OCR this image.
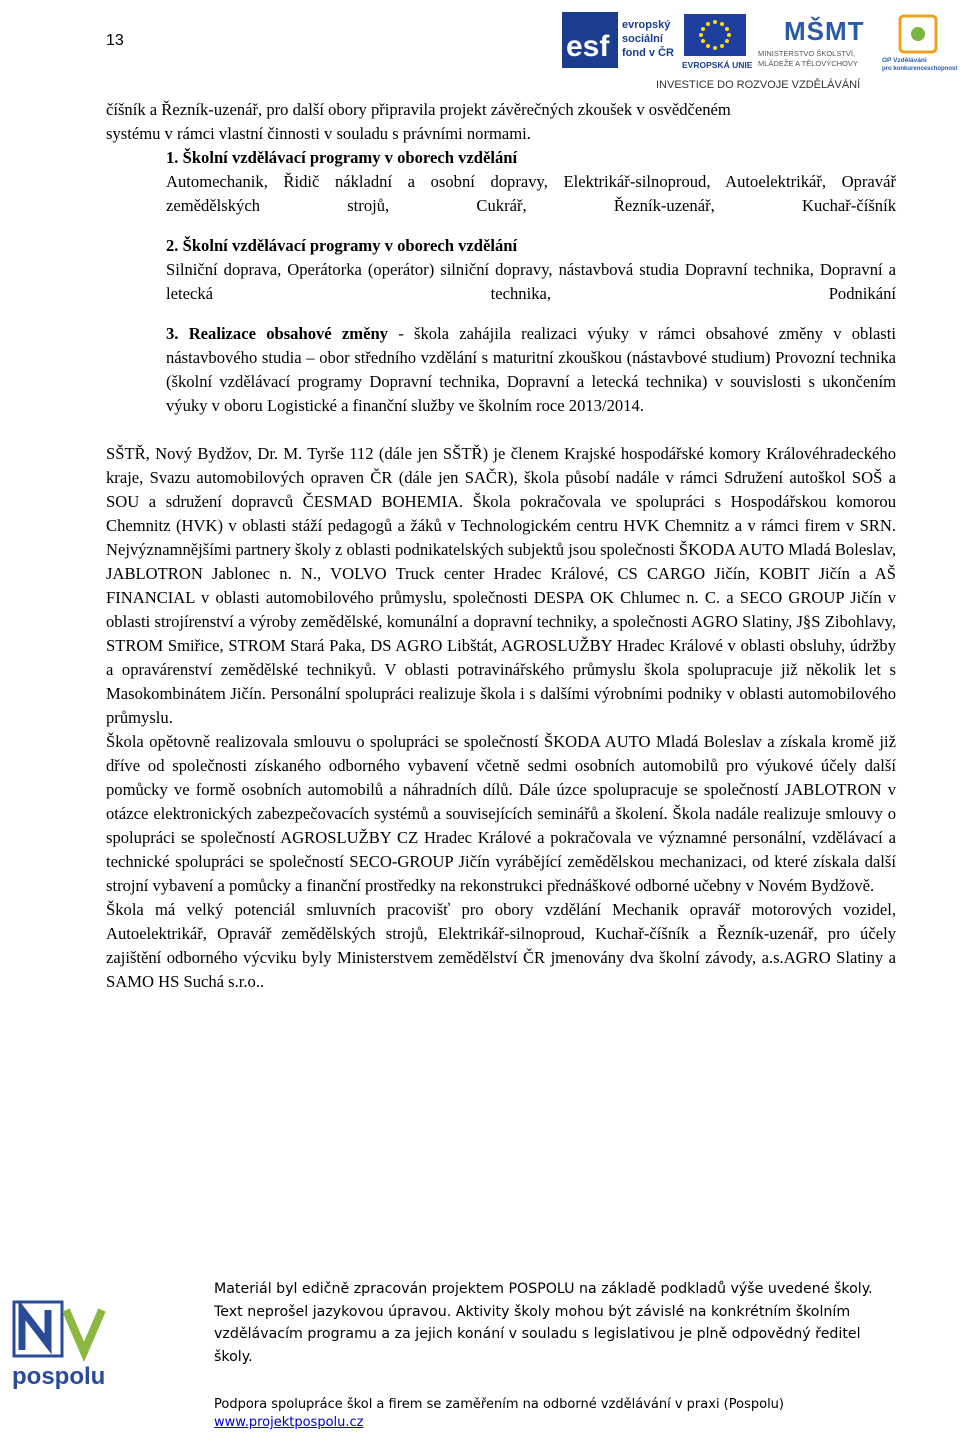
13	esf
evropský
sociální
fond v ČR
EVROPSKÁ UNIE
MŠMT
MINISTERSTVO ŠKOLSTVÍ,
MLÁDEŽE A TĚLOVÝCHOVY	OP Vzdělávání
pro konkurenceschopnost
INVESTICE DO ROZVOJE VZDĚLÁVÁNÍ

číšník a Řezník-uzenář, pro další obory připravila projekt závěrečných zkoušek v osvědčeném

systému v rámci vlastní činnosti v souladu s právními normami.

1. Školní vzdělávací programy v oborech vzdělání

Automechanik, Řidič nákladní a osobní dopravy, Elektrikář-silnoproud, Autoelektrikář, Opravář zemědělských strojů, Cukrář, Řezník-uzenář, Kuchař-číšník

2. Školní vzdělávací programy v oborech vzdělání

Silniční doprava, Operátorka (operátor) silniční dopravy, nástavbová studia Dopravní technika, Dopravní a letecká technika, Podnikání

3. Realizace obsahové změny - škola zahájila realizaci výuky v rámci obsahové změny v oblasti nástavbového studia – obor středního vzdělání s maturitní zkouškou (nástavbové studium) Provozní technika (školní vzdělávací programy Dopravní technika, Dopravní a letecká technika) v souvislosti s ukončením výuky v oboru Logistické a finanční služby ve školním roce 2013/2014.

SŠTŘ, Nový Bydžov, Dr. M. Tyrše 112 (dále jen SŠTŘ) je členem Krajské hospodářské komory Královéhradeckého kraje, Svazu automobilových opraven ČR (dále jen SAČR), škola působí nadále v rámci Sdružení autoškol SOŠ a SOU a sdružení dopravců ČESMAD BOHEMIA. Škola pokračovala ve spolupráci s Hospodářskou komorou Chemnitz (HVK) v oblasti stáží pedagogů a žáků v Technologickém centru HVK Chemnitz a v rámci firem v SRN. Nejvýznamnějšími partnery školy z oblasti podnikatelských subjektů jsou společnosti ŠKODA AUTO Mladá Boleslav, JABLOTRON Jablonec n. N., VOLVO Truck center Hradec Králové, CS CARGO Jičín, KOBIT Jičín a AŠ FINANCIAL v oblasti automobilového průmyslu, společnosti DESPA OK Chlumec n. C. a SECO GROUP Jičín v oblasti strojírenství a výroby zemědělské, komunální a dopravní techniky, a společnosti AGRO Slatiny, J§S Zibohlavy, STROM Smiřice, STROM Stará Paka, DS AGRO Libštát, AGROSLUŽBY Hradec Králové v oblasti obsluhy, údržby a opravárenství zemědělské technikyů. V oblasti potravinářského průmyslu škola spolupracuje již několik let s Masokombinátem Jičín. Personální spolupráci realizuje škola i s dalšími výrobními podniky v oblasti automobilového průmyslu.

Škola opětovně realizovala smlouvu o spolupráci se společností ŠKODA AUTO Mladá Boleslav a získala kromě již dříve od společnosti získaného odborného vybavení včetně sedmi osobních automobilů pro výukové účely další pomůcky ve formě osobních automobilů a náhradních dílů. Dále úzce spolupracuje se společností JABLOTRON v otázce elektronických zabezpečovacích systémů a souvisejících seminářů a školení. Škola nadále realizuje smlouvy o spolupráci se společností AGROSLUŽBY CZ Hradec Králové a pokračovala ve významné personální, vzdělávací a technické spolupráci se společností SECO-GROUP Jičín vyrábějící zemědělskou mechanizaci, od které získala další strojní vybavení a pomůcky a finanční prostředky na rekonstrukci přednáškové odborné učebny v Novém Bydžově.

Škola má velký potenciál smluvních pracovišť pro obory vzdělání Mechanik opravář motorových vozidel, Autoelektrikář, Opravář zemědělských strojů, Elektrikář-silnoproud, Kuchař-číšník a Řezník-uzenář, pro účely zajištění odborného výcviku byly Ministerstvem zemědělství ČR jmenovány dva školní závody, a.s.AGRO Slatiny a SAMO HS Suchá s.r.o..

pospolu

Materiál byl edičně zpracován projektem POSPOLU na základě podkladů výše uvedené školy.

Text neprošel jazykovou úpravou. Aktivity školy mohou být závislé na konkrétním školním

vzdělávacím programu a za jejich konání v souladu s legislativou je plně odpovědný ředitel

školy.

Podpora spolupráce škol a firem se zaměřením na odborné vzdělávání v praxi (Pospolu)

www.projektpospolu.cz
